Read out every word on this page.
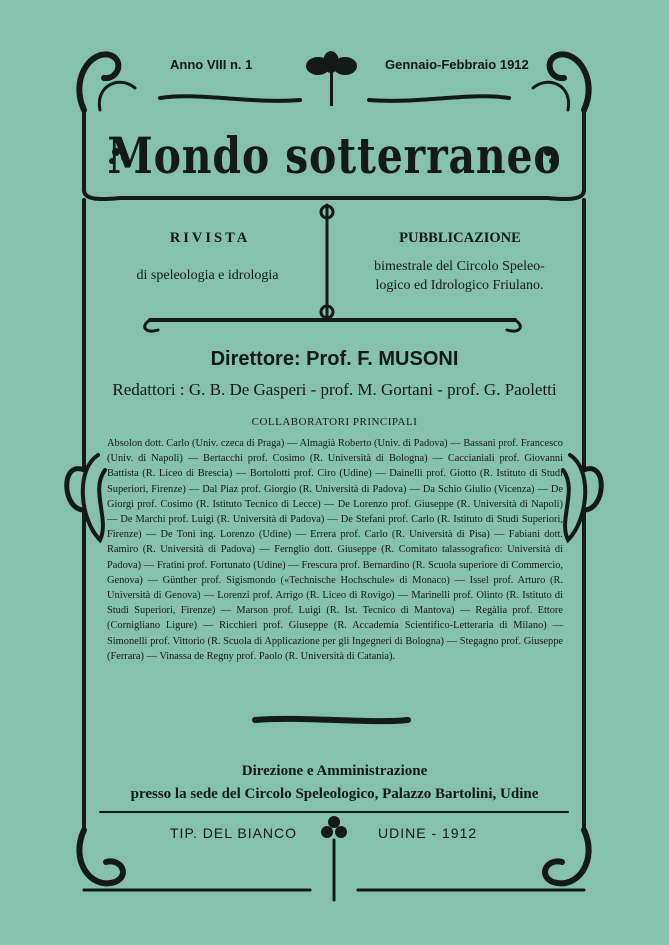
Anno VIII n. 1	Gennaio-Febbraio 1912
Mondo sotterraneo
RIVISTA
di speleologia e idrologia
PUBBLICAZIONE
bimestrale del Circolo Speleo-
logico ed Idrologico Friulano.
Direttore: Prof. F. MUSONI
Redattori : G. B. De Gasperi - prof. M. Gortani - prof. G. Paoletti
COLLABORATORI PRINCIPALI
Absolon dott. Carlo (Univ. czeca di Praga) — Almagià Roberto (Univ. di Padova) — Bassani prof. Francesco (Univ. di Napoli) — Bertacchi prof. Cosimo (R. Università di Bologna) — Caccianiali prof. Giovanni Battista (R. Liceo di Brescia) — Bortolotti prof. Ciro (Udine) — Dainelli prof. Giotto (R. Istituto di Studi Superiori, Firenze) — Dal Piaz prof. Giorgio (R. Università di Padova) — Da Schio Giulio (Vicenza) — De Giorgi prof. Cosimo (R. Istituto Tecnico di Lecce) — De Lorenzo prof. Giuseppe (R. Università di Napoli) — De Marchi prof. Luigi (R. Università di Padova) — De Stefani prof. Carlo (R. Istituto di Studi Superiori, Firenze) — De Toni ing. Lorenzo (Udine) — Errera prof. Carlo (R. Università di Pisa) — Fabiani dott. Ramiro (R. Università di Padova) — Fernglio dott. Giuseppe (R. Comitato talassografico: Università di Padova) — Fratini prof. Fortunato (Udine) — Frescura prof. Bernardino (R. Scuola superiore di Commercio, Genova) — Günther prof. Sigismondo («Technische Hochschule» di Monaco) — Issel prof. Arturo (R. Università di Genova) — Lorenzi prof. Arrigo (R. Liceo di Rovigo) — Marinelli prof. Olinto (R. Istituto di Studi Superiori, Firenze) — Marson prof. Luigi (R. Ist. Tecnico di Mantova) — Regàlia prof. Ettore (Cornigliano Ligure) — Ricchieri prof. Giuseppe (R. Accademia Scientifico-Letteraria di Milano) — Simonelli prof. Vittorio (R. Scuola di Applicazione per gli Ingegneri di Bologna) — Stegagno prof. Giuseppe (Ferrara) — Vinassa de Regny prof. Paolo (R. Università di Catania).
Direzione e Amministrazione
presso la sede del Circolo Speleologico, Palazzo Bartolini, Udine
TIP. DEL BIANCO	UDINE - 1912
